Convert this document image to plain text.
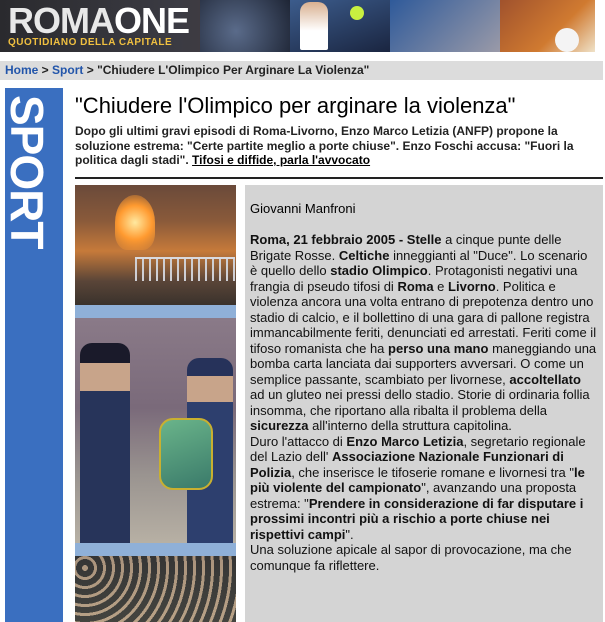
ROMAONE
QUOTIDIANO DELLA CAPITALE
Home > Sport > "Chiudere L'Olimpico Per Arginare La Violenza"
SPORT "Chiudere l'Olimpico per arginare la violenza"
Dopo gli ultimi gravi episodi di Roma-Livorno, Enzo Marco Letizia (ANFP) propone la soluzione estrema: "Certe partite meglio a porte chiuse". Enzo Foschi accusa: "Fuori la politica dagli stadi". Tifosi e diffide, parla l'avvocato
Giovanni Manfroni

Roma, 21 febbraio 2005 - Stelle a cinque punte delle Brigate Rosse. Celtiche inneggianti al "Duce". Lo scenario è quello dello stadio Olimpico. Protagonisti negativi una frangia di pseudo tifosi di Roma e Livorno. Politica e violenza ancora una volta entrano di prepotenza dentro uno stadio di calcio, e il bollettino di una gara di pallone registra immancabilmente feriti, denunciati ed arrestati. Feriti come il tifoso romanista che ha perso una mano maneggiando una bomba carta lanciata dai supporters avversari. O come un semplice passante, scambiato per livornese, accoltellato ad un gluteo nei pressi dello stadio. Storie di ordinaria follia insomma, che riportano alla ribalta il problema della sicurezza all'interno della struttura capitolina.

Duro l'attacco di Enzo Marco Letizia, segretario regionale del Lazio dell' Associazione Nazionale Funzionari di Polizia, che inserisce le tifoserie romane e livornesi tra "le più violente del campionato", avanzando una proposta estrema: "Prendere in considerazione di far disputare i prossimi incontri più a rischio a porte chiuse nei rispettivi campi".

Una soluzione apicale al sapor di provocazione, ma che comunque fa riflettere.
